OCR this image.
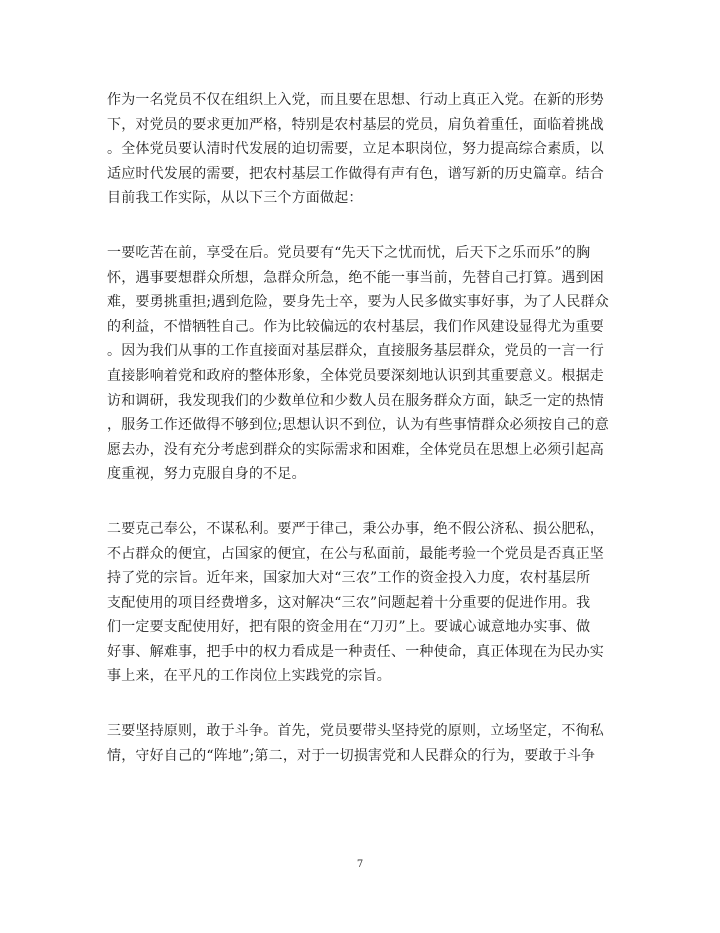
作为一名党员不仅在组织上入党，而且要在思想、行动上真正入党。在新的形势
下，对党员的要求更加严格，特别是农村基层的党员，肩负着重任，面临着挑战
。全体党员要认清时代发展的迫切需要，立足本职岗位，努力提高综合素质，以
适应时代发展的需要，把农村基层工作做得有声有色，谱写新的历史篇章。结合
目前我工作实际，从以下三个方面做起：
一要吃苦在前，享受在后。党员要有“先天下之忧而忧，后天下之乐而乐”的胸
怀，遇事要想群众所想，急群众所急，绝不能一事当前，先替自己打算。遇到困
难，要勇挑重担;遇到危险，要身先士卒，要为人民多做实事好事，为了人民群众
的利益，不惜牺牲自己。作为比较偏远的农村基层，我们作风建设显得尤为重要
。因为我们从事的工作直接面对基层群众，直接服务基层群众，党员的一言一行
直接影响着党和政府的整体形象，全体党员要深刻地认识到其重要意义。根据走
访和调研，我发现我们的少数单位和少数人员在服务群众方面，缺乏一定的热情
，服务工作还做得不够到位;思想认识不到位，认为有些事情群众必须按自己的意
愿去办，没有充分考虑到群众的实际需求和困难，全体党员在思想上必须引起高
度重视，努力克服自身的不足。
二要克己奉公，不谋私利。要严于律己，秉公办事，绝不假公济私、损公肥私，
不占群众的便宜，占国家的便宜，在公与私面前，最能考验一个党员是否真正坚
持了党的宗旨。近年来，国家加大对“三农”工作的资金投入力度，农村基层所
支配使用的项目经费增多，这对解决“三农”问题起着十分重要的促进作用。我
们一定要支配使用好，把有限的资金用在“刀刃”上。要诚心诚意地办实事、做
好事、解难事，把手中的权力看成是一种责任、一种使命，真正体现在为民办实
事上来，在平凡的工作岗位上实践党的宗旨。
三要坚持原则，敢于斗争。首先，党员要带头坚持党的原则，立场坚定，不徇私
情，守好自己的“阵地”;第二，对于一切损害党和人民群众的行为，要敢于斗争
7
